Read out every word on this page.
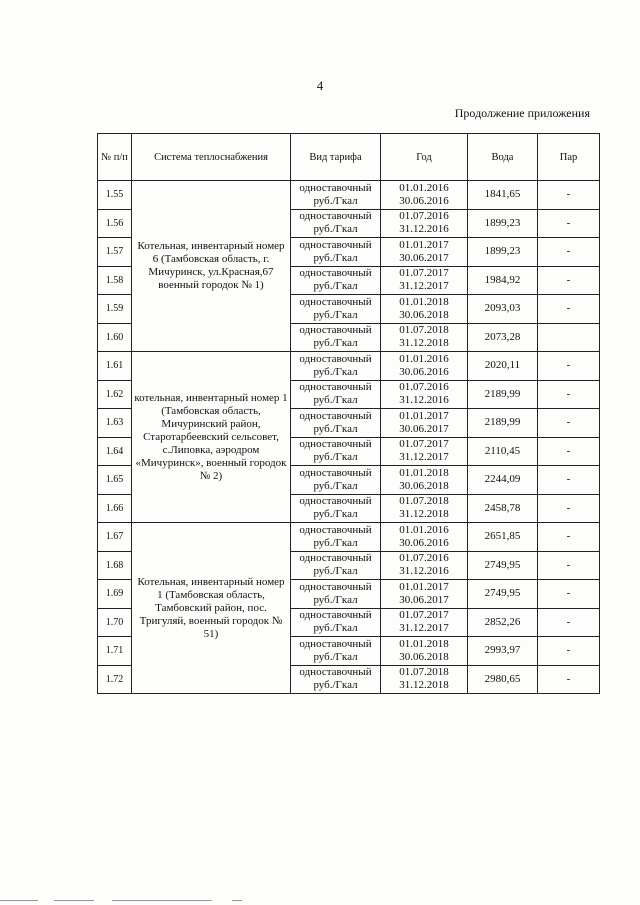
4
Продолжение приложения
№ п/п	Система теплоснабжения	Вид тарифа	Год	Вода	Пар
1.55	Котельная, инвентарный номер 6 (Тамбовская область, г. Мичуринск, ул.Красная,67 военный городок № 1)	одноставочный руб./Гкал	01.01.2016 30.06.2016	1841,65	-
1.56		одноставочный руб./Гкал	01.07.2016 31.12.2016	1899,23	-
1.57		одноставочный руб./Гкал	01.01.2017 30.06.2017	1899,23	-
1.58		одноставочный руб./Гкал	01.07.2017 31.12.2017	1984,92	-
1.59		одноставочный руб./Гкал	01.01.2018 30.06.2018	2093,03	-
1.60		одноставочный руб./Гкал	01.07.2018 31.12.2018	2073,28	
1.61	котельная, инвентарный номер 1 (Тамбовская область, Мичуринский район, Старотарбеевский сельсовет, с.Липовка, аэродром «Мичуринск», военный городок № 2)	одноставочный руб./Гкал	01.01.2016 30.06.2016	2020,11	-
1.62		одноставочный руб./Гкал	01.07.2016 31.12.2016	2189,99	-
1.63		одноставочный руб./Гкал	01.01.2017 30.06.2017	2189,99	-
1.64		одноставочный руб./Гкал	01.07.2017 31.12.2017	2110,45	-
1.65		одноставочный руб./Гкал	01.01.2018 30.06.2018	2244,09	-
1.66		одноставочный руб./Гкал	01.07.2018 31.12.2018	2458,78	-
1.67	Котельная, инвентарный номер 1 (Тамбовская область, Тамбовский район, пос. Тригуляй, военный городок № 51)	одноставочный руб./Гкал	01.01.2016 30.06.2016	2651,85	-
1.68		одноставочный руб./Гкал	01.07.2016 31.12.2016	2749,95	-
1.69		одноставочный руб./Гкал	01.01.2017 30.06.2017	2749,95	-
1.70		одноставочный руб./Гкал	01.07.2017 31.12.2017	2852,26	-
1.71		одноставочный руб./Гкал	01.01.2018 30.06.2018	2993,97	-
1.72		одноставочный руб./Гкал	01.07.2018 31.12.2018	2980,65	-
